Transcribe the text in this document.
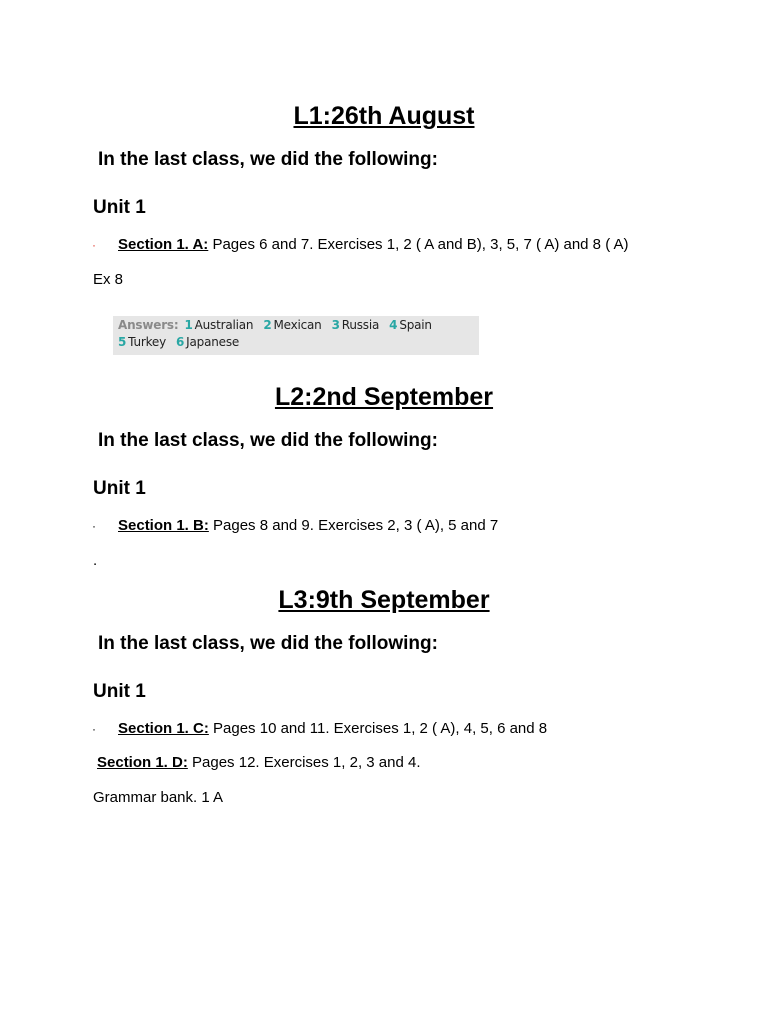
L1:26th August
In the last class, we did the following:
Unit 1
· Section 1. A: Pages 6 and 7. Exercises 1, 2 ( A and B), 3, 5, 7 ( A) and 8 ( A)
Ex 8
Answers: 1 Australian 2 Mexican 3 Russia 4 Spain
5 Turkey 6 Japanese
L2:2nd September
In the last class, we did the following:
Unit 1
· Section 1. B: Pages 8 and 9. Exercises 2, 3 ( A), 5 and 7
.
L3:9th September
In the last class, we did the following:
Unit 1
· Section 1. C: Pages 10 and 11. Exercises 1, 2 ( A), 4, 5, 6 and 8
Section 1. D: Pages 12. Exercises 1, 2, 3 and 4.
Grammar bank. 1 A
